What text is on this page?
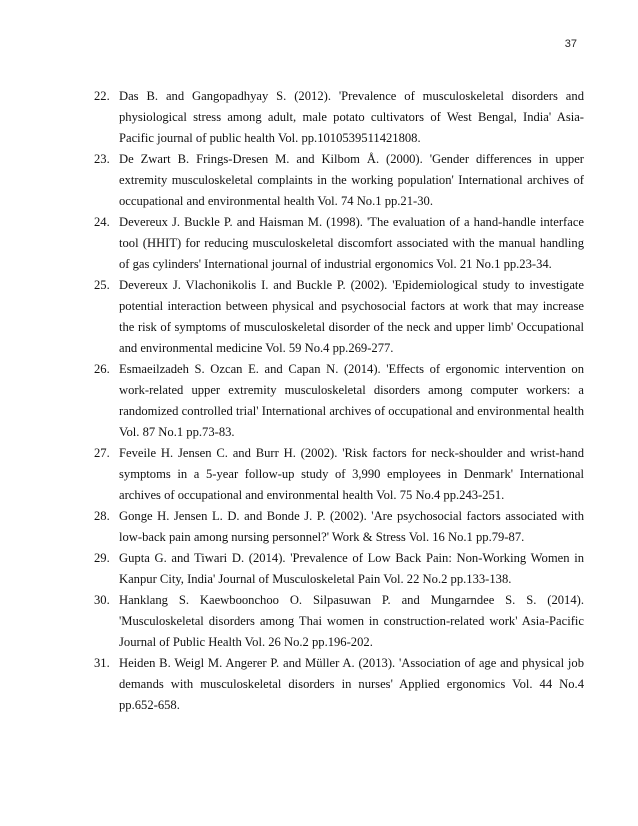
37
22. Das B. and Gangopadhyay S. (2012). 'Prevalence of musculoskeletal disorders and physiological stress among adult, male potato cultivators of West Bengal, India' Asia-Pacific journal of public health Vol. pp.1010539511421808.
23. De Zwart B. Frings-Dresen M. and Kilbom Å. (2000). 'Gender differences in upper extremity musculoskeletal complaints in the working population' International archives of occupational and environmental health Vol. 74 No.1 pp.21-30.
24. Devereux J. Buckle P. and Haisman M. (1998). 'The evaluation of a hand-handle interface tool (HHIT) for reducing musculoskeletal discomfort associated with the manual handling of gas cylinders' International journal of industrial ergonomics Vol. 21 No.1 pp.23-34.
25. Devereux J. Vlachonikolis I. and Buckle P. (2002). 'Epidemiological study to investigate potential interaction between physical and psychosocial factors at work that may increase the risk of symptoms of musculoskeletal disorder of the neck and upper limb' Occupational and environmental medicine Vol. 59 No.4 pp.269-277.
26. Esmaeilzadeh S. Ozcan E. and Capan N. (2014). 'Effects of ergonomic intervention on work-related upper extremity musculoskeletal disorders among computer workers: a randomized controlled trial' International archives of occupational and environmental health Vol. 87 No.1 pp.73-83.
27. Feveile H. Jensen C. and Burr H. (2002). 'Risk factors for neck-shoulder and wrist-hand symptoms in a 5-year follow-up study of 3,990 employees in Denmark' International archives of occupational and environmental health Vol. 75 No.4 pp.243-251.
28. Gonge H. Jensen L. D. and Bonde J. P. (2002). 'Are psychosocial factors associated with low-back pain among nursing personnel?' Work & Stress Vol. 16 No.1 pp.79-87.
29. Gupta G. and Tiwari D. (2014). 'Prevalence of Low Back Pain: Non-Working Women in Kanpur City, India' Journal of Musculoskeletal Pain Vol. 22 No.2 pp.133-138.
30. Hanklang S. Kaewboonchoo O. Silpasuwan P. and Mungarndee S. S. (2014). 'Musculoskeletal disorders among Thai women in construction-related work' Asia-Pacific Journal of Public Health Vol. 26 No.2 pp.196-202.
31. Heiden B. Weigl M. Angerer P. and Müller A. (2013). 'Association of age and physical job demands with musculoskeletal disorders in nurses' Applied ergonomics Vol. 44 No.4 pp.652-658.
